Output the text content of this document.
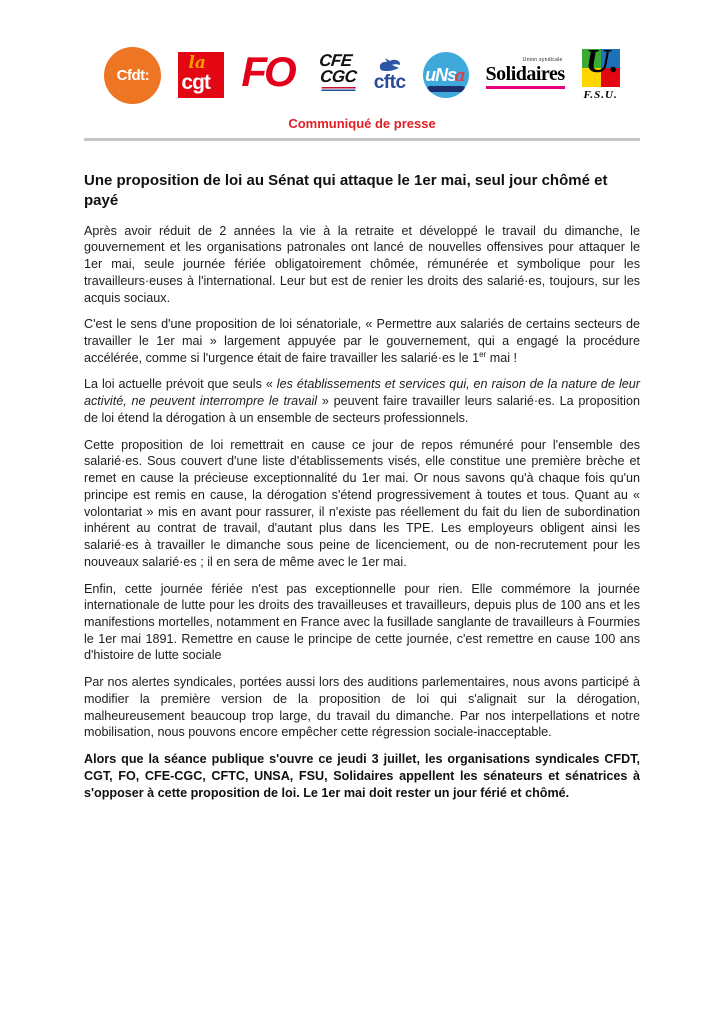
Cfdt:
la
cgt FO CFE
CGC cftc uNsa
Union syndicale
Solidaires U.
F.S.U.
Communiqué de presse
Une proposition de loi au Sénat qui attaque le 1er mai, seul jour chômé et payé

Après avoir réduit de 2 années la vie à la retraite et développé le travail du dimanche, le gouvernement et les organisations patronales ont lancé de nouvelles offensives pour attaquer le 1er mai, seule journée fériée obligatoirement chômée, rémunérée et symbolique pour les travailleurs·euses à l'international. Leur but est de renier les droits des salarié·es, toujours, sur les acquis sociaux.

C'est le sens d'une proposition de loi sénatoriale, « Permettre aux salariés de certains secteurs de travailler le 1er mai » largement appuyée par le gouvernement, qui a engagé la procédure accélérée, comme si l'urgence était de faire travailler les salarié·es le 1er mai !

La loi actuelle prévoit que seuls « les établissements et services qui, en raison de la nature de leur activité, ne peuvent interrompre le travail » peuvent faire travailler leurs salarié·es. La proposition de loi étend la dérogation à un ensemble de secteurs professionnels.

Cette proposition de loi remettrait en cause ce jour de repos rémunéré pour l'ensemble des salarié·es. Sous couvert d'une liste d'établissements visés, elle constitue une première brèche et remet en cause la précieuse exceptionnalité du 1er mai. Or nous savons qu'à chaque fois qu'un principe est remis en cause, la dérogation s'étend progressivement à toutes et tous. Quant au « volontariat » mis en avant pour rassurer, il n'existe pas réellement du fait du lien de subordination inhérent au contrat de travail, d'autant plus dans les TPE. Les employeurs obligent ainsi les salarié·es à travailler le dimanche sous peine de licenciement, ou de non-recrutement pour les nouveaux salarié·es ; il en sera de même avec le 1er mai.

Enfin, cette journée fériée n'est pas exceptionnelle pour rien. Elle commémore la journée internationale de lutte pour les droits des travailleuses et travailleurs, depuis plus de 100 ans et les manifestions mortelles, notamment en France avec la fusillade sanglante de travailleurs à Fourmies le 1er mai 1891. Remettre en cause le principe de cette journée, c'est remettre en cause 100 ans d'histoire de lutte sociale

Par nos alertes syndicales, portées aussi lors des auditions parlementaires, nous avons participé à modifier la première version de la proposition de loi qui s'alignait sur la dérogation, malheureusement beaucoup trop large, du travail du dimanche. Par nos interpellations et notre mobilisation, nous pouvons encore empêcher cette régression sociale-inacceptable.

Alors que la séance publique s'ouvre ce jeudi 3 juillet, les organisations syndicales CFDT, CGT, FO, CFE-CGC, CFTC, UNSA, FSU, Solidaires appellent les sénateurs et sénatrices à s'opposer à cette proposition de loi. Le 1er mai doit rester un jour férié et chômé.
